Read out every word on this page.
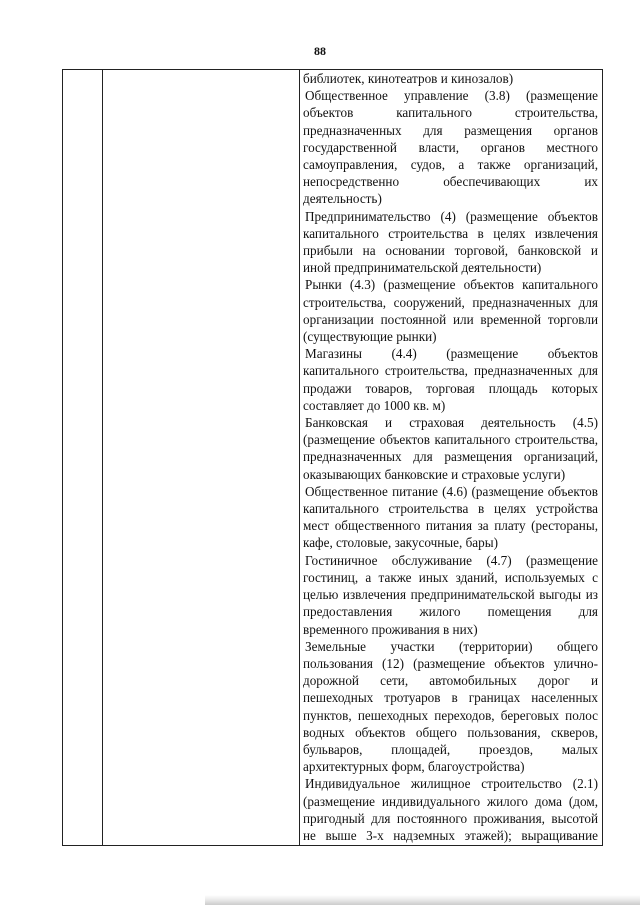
88
библиотек, кинотеатров и кинозалов)
Общественное управление (3.8) (размещение
объектов капитального строительства,
предназначенных для размещения органов
государственной власти, органов местного
самоуправления, судов, а также организаций,
непосредственно обеспечивающих их
деятельность)
Предпринимательство (4) (размещение объектов
капитального строительства в целях извлечения
прибыли на основании торговой, банковской и
иной предпринимательской деятельности)
Рынки (4.3) (размещение объектов капитального
строительства, сооружений, предназначенных для
организации постоянной или временной торговли
(существующие рынки)
Магазины (4.4) (размещение объектов
капитального строительства, предназначенных для
продажи товаров, торговая площадь которых
составляет до 1000 кв. м)
Банковская и страховая деятельность (4.5)
(размещение объектов капитального строительства,
предназначенных для размещения организаций,
оказывающих банковские и страховые услуги)
Общественное питание (4.6) (размещение объектов
капитального строительства в целях устройства
мест общественного питания за плату (рестораны,
кафе, столовые, закусочные, бары)
Гостиничное обслуживание (4.7) (размещение
гостиниц, а также иных зданий, используемых с
целью извлечения предпринимательской выгоды из
предоставления жилого помещения для
временного проживания в них)
Земельные участки (территории) общего
пользования (12) (размещение объектов улично-
дорожной сети, автомобильных дорог и
пешеходных тротуаров в границах населенных
пунктов, пешеходных переходов, береговых полос
водных объектов общего пользования, скверов,
бульваров, площадей, проездов, малых
архитектурных форм, благоустройства)
Индивидуальное жилищное строительство (2.1)
(размещение индивидуального жилого дома (дом,
пригодный для постоянного проживания, высотой
не выше 3-х надземных этажей); выращивание
